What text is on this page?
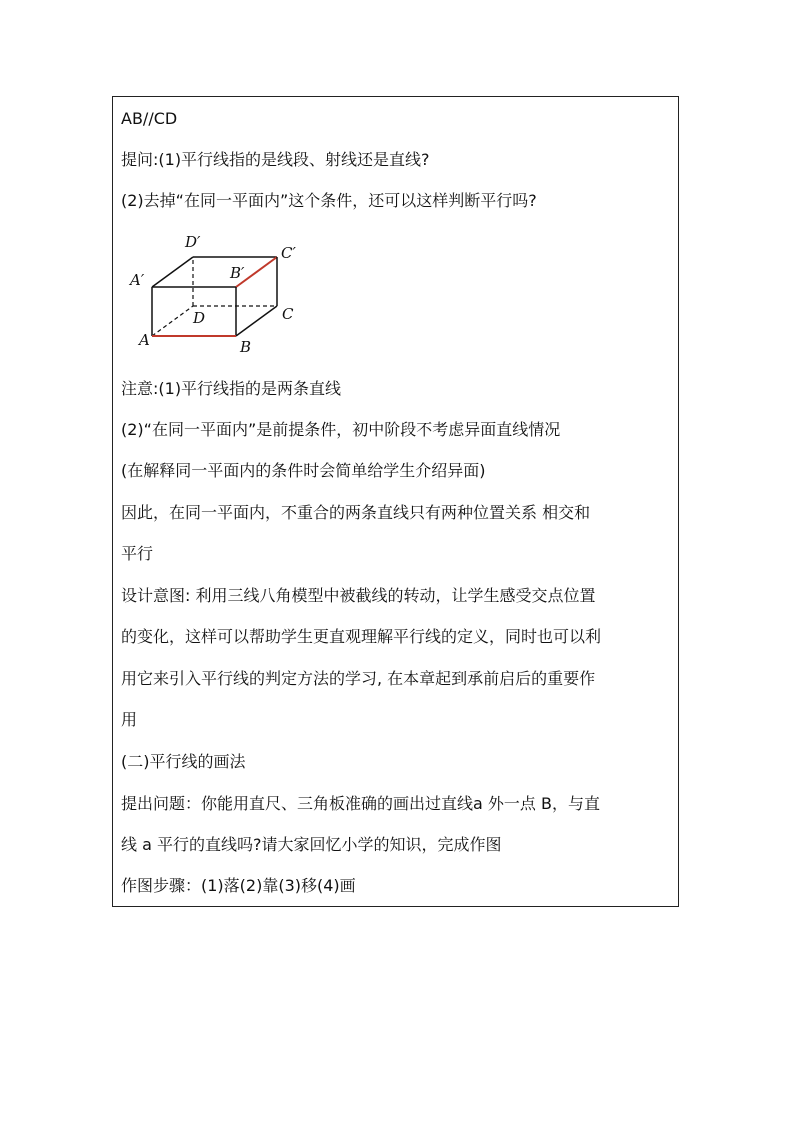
AB//CD
提问:(1)平行线指的是线段、射线还是直线?
(2)去掉“在同一平面内”这个条件，还可以这样判断平行吗?
A	B
C
D
A′	B′
C′
D′
注意:(1)平行线指的是两条直线
(2)“在同一平面内”是前提条件，初中阶段不考虑异面直线情况
(在解释同一平面内的条件时会简单给学生介绍异面)
因此，在同一平面内，不重合的两条直线只有两种位置关系 相交和
平行
设计意图: 利用三线八角模型中被截线的转动，让学生感受交点位置
的变化，这样可以帮助学生更直观理解平行线的定义，同时也可以利
用它来引入平行线的判定方法的学习, 在本章起到承前启后的重要作
用
(二)平行线的画法
提出问题：你能用直尺、三角板准确的画出过直线a 外一点 B，与直
线 a 平行的直线吗?请大家回忆小学的知识，完成作图
作图步骤：(1)落(2)靠(3)移(4)画
